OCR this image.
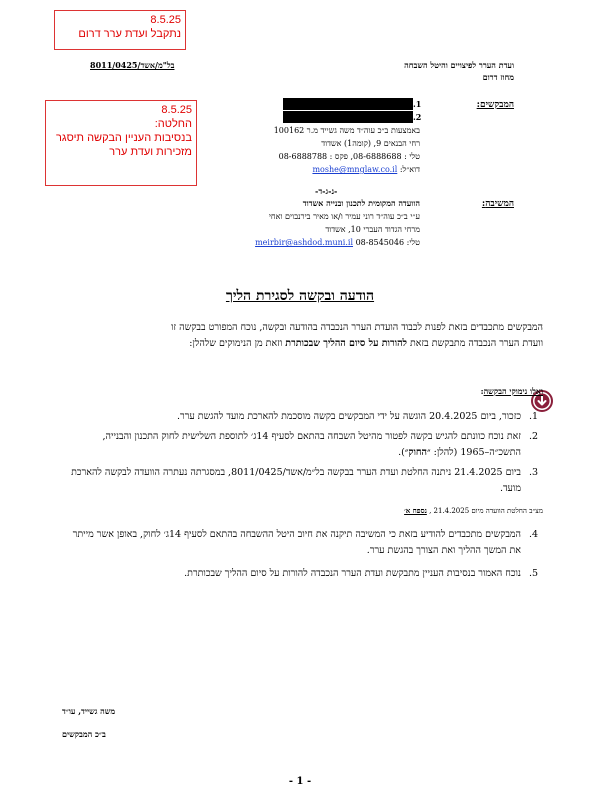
8.5.25
נתקבל ועדת ערר דרום
ועדת הערר לפיצויים והיטל השבחה
מחוז דרום
בל"מ/אשד/8011/0425
8.5.25
החלטה:
בנסיבות העניין הבקשה תיסגר
מזכירות ועדת ערר
המבקשים:
.1
.2
באמצעות ב״כ עוה״ד משה גשייד מ.ר 100162
רחי הבנאים 9, (קומה1) אשדוד
טלי : 08-6888688, פקס : 08-6888788
דוא״ל: moshe@mnglaw.co.il
-נ-ג-ד-
המשיבה:
הוועדה המקומית לתכנון ובנייה אשדוד
ע״י ב״כ עוה״ד רוני עמיר ו/או מאיר בירנבוים ואחי
מרחי הגדוד העברי 10, אשדוד
טלי: 08-8545046 meirbir@ashdod.muni.il
הודעה ובקשה לסגירת הליך
המבקשים מתכבדים בזאת לפנות לכבוד הועדת הערר הנכבדה בהודעה ובקשה, נוכח המפורט בבקשה זו
וועדת הערר הנכבדה מתבקשת בזאת להורות על סיום ההליך שבכותרת וזאת מן הנימוקים שלהלן:
ואלו נימוקי הבקשה:
.1
כזכור, ביום 20.4.2025 הוגשה על ידי המבקשים בקשה מוסכמת להארכת מועד להגשת ערר.
.2
זאת נוכח כוונתם להגיש בקשה לפטור מהיטל השבחה בהתאם לסעיף 14ג׳ לתוספת השלישית לחוק התכנון והבנייה, התשכ״ה–1965 (להלן: ״החוק״).
.3
ביום 21.4.2025 ניתנה החלטת ועדת הערר בבקשה בל״מ/אשד/8011/0425, במסגרתה נעתרה הוועדה לבקשה להארכת מועד.
מצ״ב החלטת הוועדה מיום 21.4.2025 , נספח א׳
.4
המבקשים מתכבדים להודיע בזאת כי המשיבה תיקנה את חיוב היטל ההשבחה בהתאם לסעיף 14ג׳ לחוק, באופן אשר מייתר את המשך ההליך ואת הצורך בהגשת ערר.
.5
נוכח האמור בנסיבות העניין מתבקשת ועדת הערר הנכבדה להורות על סיום ההליך שבכותרת.
משה גשייד, עו״ד
ב״כ המבקשים
- 1 -
